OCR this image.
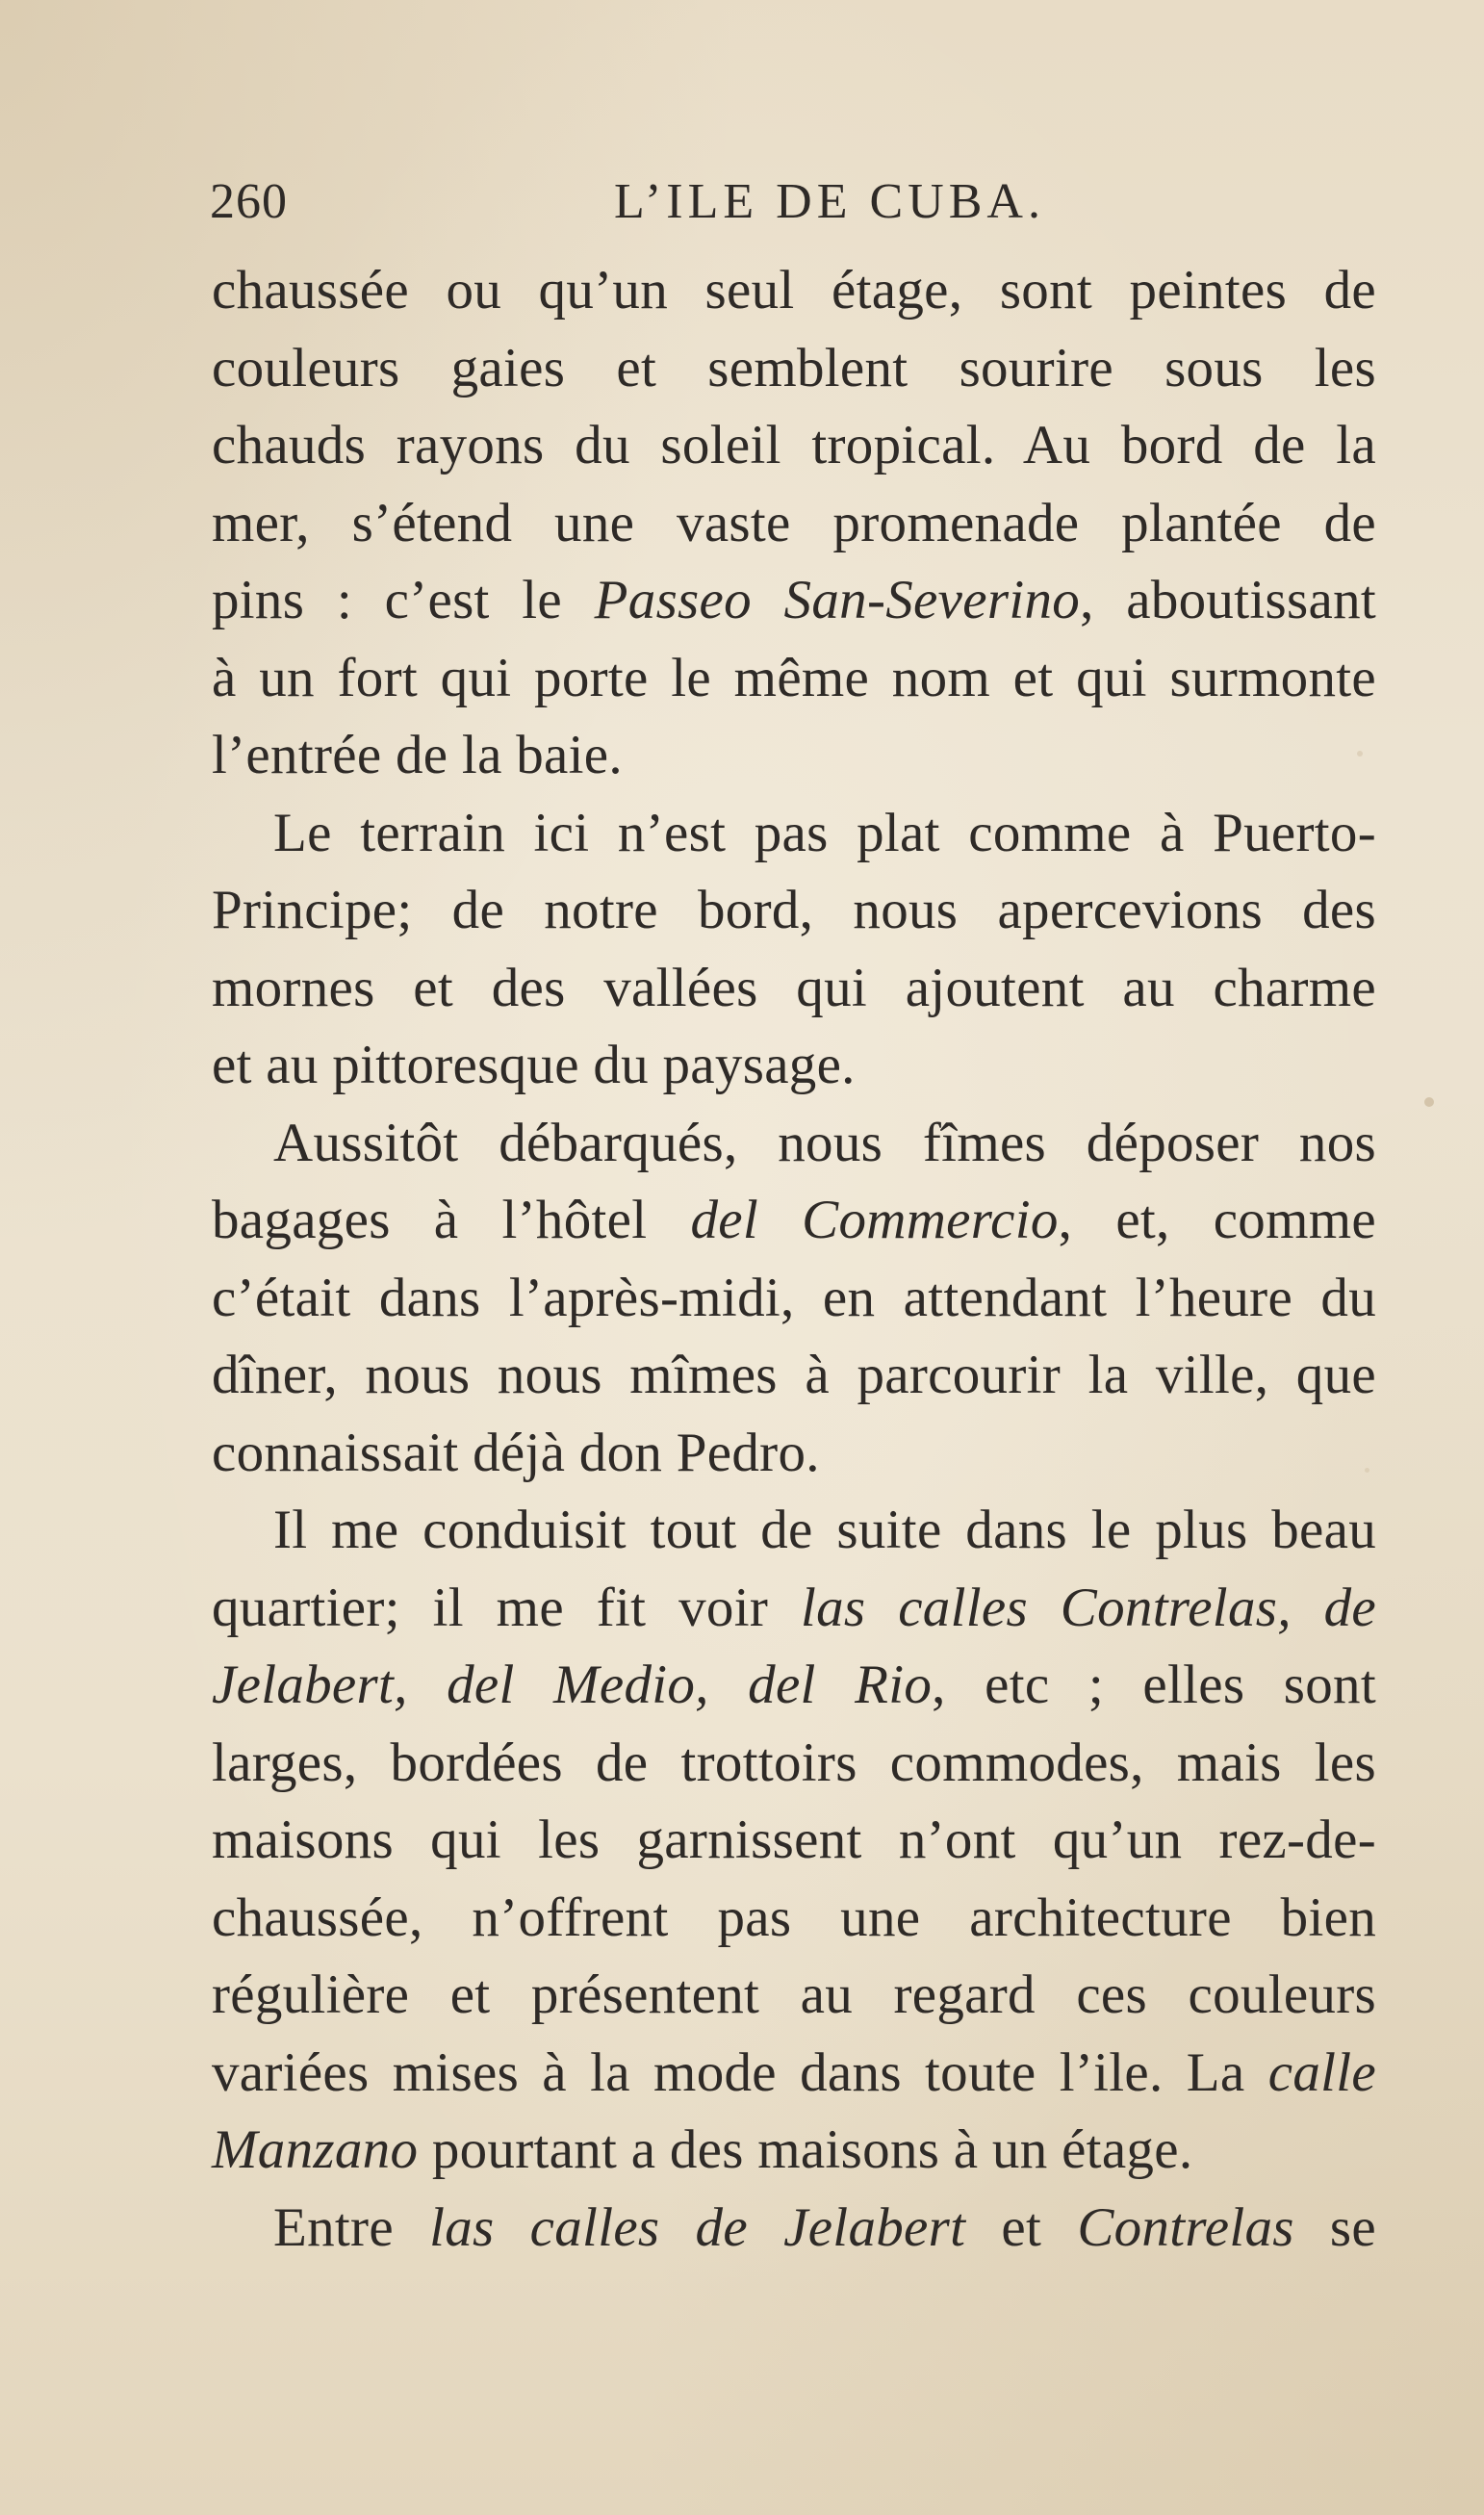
260	L’ILE DE CUBA.
chaussée ou qu’un seul étage, sont peintes de
couleurs gaies et semblent sourire sous les
chauds rayons du soleil tropical. Au bord de la
mer, s’étend une vaste promenade plantée de
pins : c’est le Passeo San-Severino, aboutissant
à un fort qui porte le même nom et qui surmonte
l’entrée de la baie.
Le terrain ici n’est pas plat comme à Puerto-
Principe; de notre bord, nous apercevions des
mornes et des vallées qui ajoutent au charme
et au pittoresque du paysage.
Aussitôt débarqués, nous fîmes déposer nos
bagages à l’hôtel del Commercio, et, comme
c’était dans l’après-midi, en attendant l’heure du
dîner, nous nous mîmes à parcourir la ville, que
connaissait déjà don Pedro.
Il me conduisit tout de suite dans le plus beau
quartier; il me fit voir las calles Contrelas, de
Jelabert, del Medio, del Rio, etc ; elles sont
larges, bordées de trottoirs commodes, mais les
maisons qui les garnissent n’ont qu’un rez-de-
chaussée, n’offrent pas une architecture bien
régulière et présentent au regard ces couleurs
variées mises à la mode dans toute l’ile. La calle
Manzano pourtant a des maisons à un étage.
Entre las calles de Jelabert et Contrelas se
